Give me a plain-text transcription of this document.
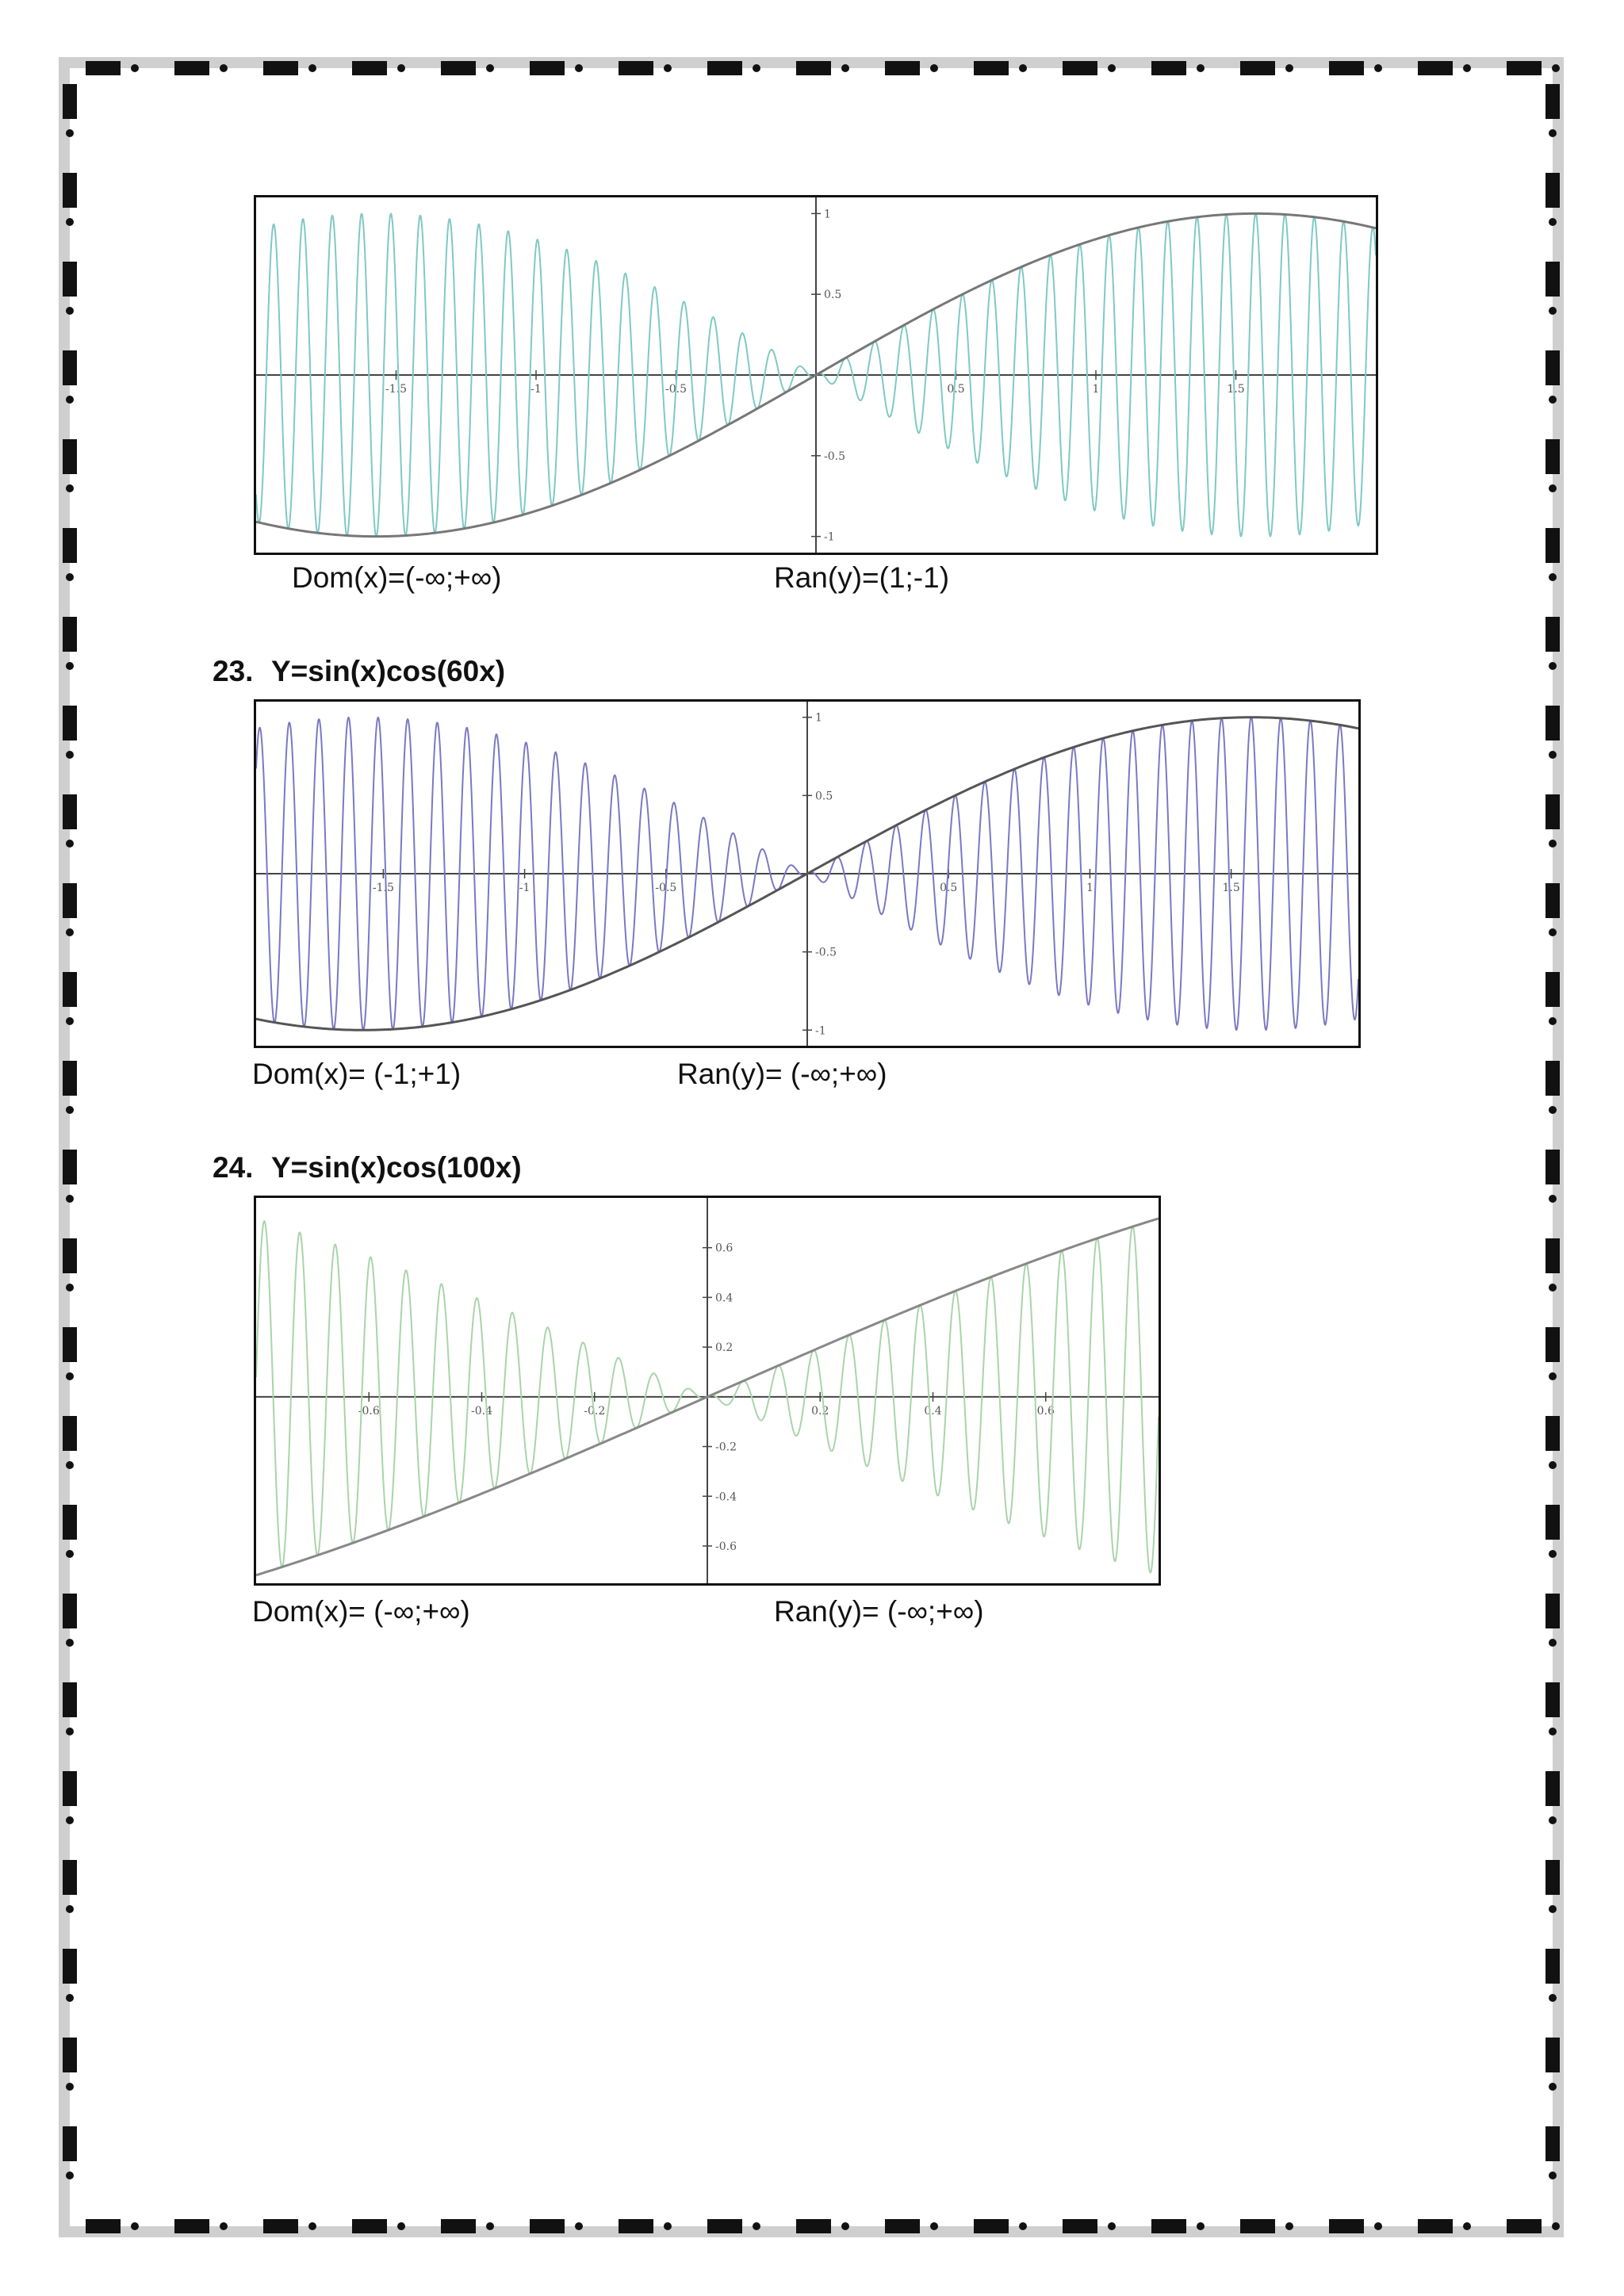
-1.5	-1	-0.5	0.5	1	1.5
1
0.5
-0.5
-1
Dom(x)=(-∞;+∞)	Ran(y)=(1;-1)
23. Y=sin(x)cos(60x)
-1.5	-1	-0.5	0.5	1	1.5
1
0.5
-0.5
-1
Dom(x)= (-1;+1)	Ran(y)= (-∞;+∞)
24. Y=sin(x)cos(100x)
-0.6	-0.4	-0.2	0.2	0.4	0.6
0.6
0.4
0.2
-0.2
-0.4
-0.6
Dom(x)= (-∞;+∞)	Ran(y)= (-∞;+∞)
